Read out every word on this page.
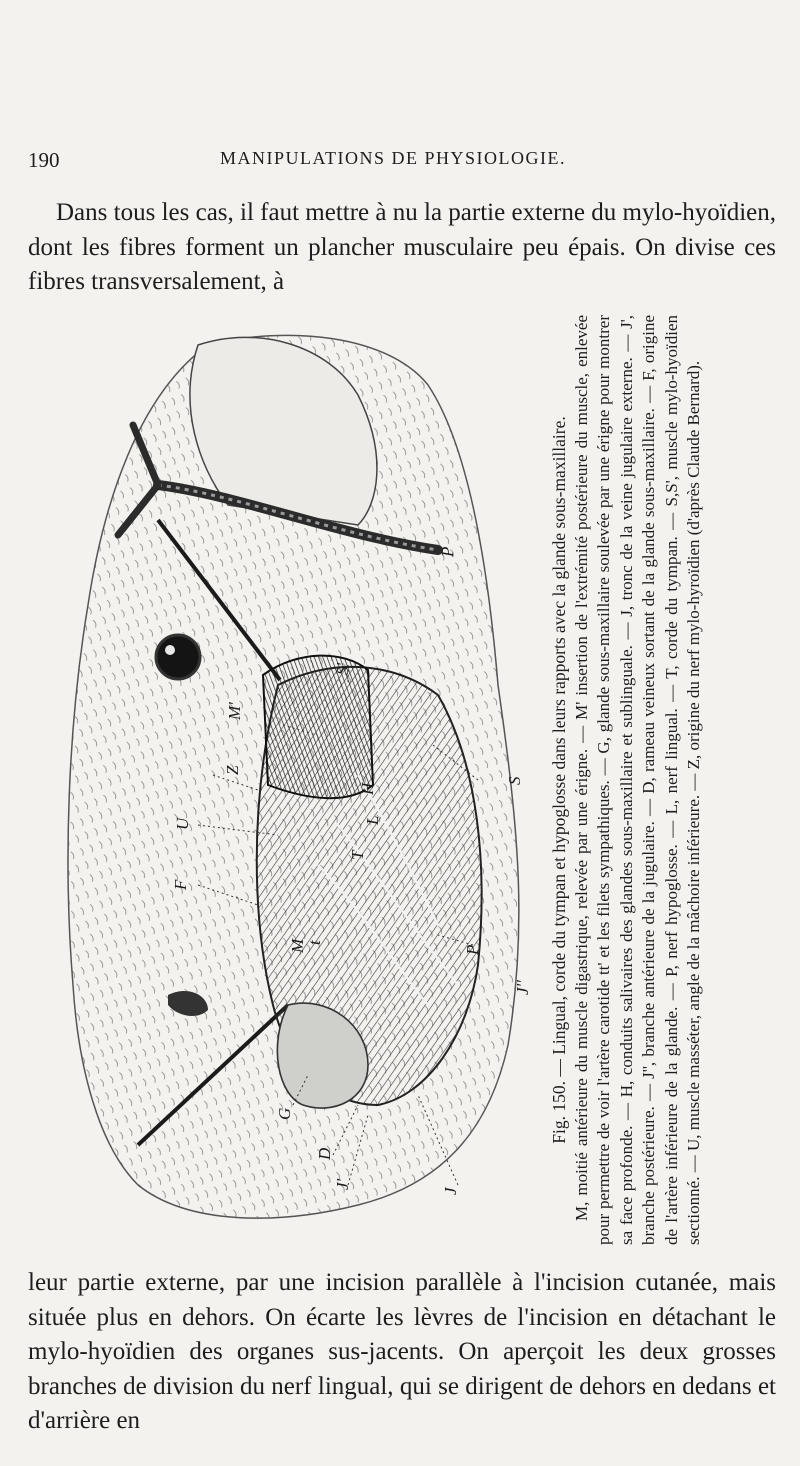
190	MANIPULATIONS DE PHYSIOLOGIE.

Dans tous les cas, il faut mettre à nu la partie externe du mylo-hyoïdien, dont les fibres forment un plancher musculaire peu épais. On divise ces fibres transversalement, à

P
S'
M'
Z
U
F
S
H
T
L
M
t
P
J''
G
D
J'
J

Fig. 150. — Lingual, corde du tympan et hypoglosse dans leurs rapports avec la glande sous-maxillaire. M, moitié antérieure du muscle digastrique, relevée par une érigne. — M' insertion de l'extrémité postérieure du muscle, enlevée pour permettre de voir l'artère carotide tt' et les filets sympathiques. — G, glande sous-maxillaire soulevée par une érigne pour montrer sa face profonde. — H, conduits salivaires des glandes sous-maxillaire et sublinguale. — J, tronc de la veine jugulaire externe. — J', branche postérieure. — J'', branche antérieure de la jugulaire. — D, rameau veineux sortant de la glande sous-maxillaire. — F, origine de l'artère inférieure de la glande. — P, nerf hypoglosse. — L, nerf lingual. — T, corde du tympan. — S,S', muscle mylo-hyoïdien sectionné. — U, muscle masséter, angle de la mâchoire inférieure. — Z, origine du nerf mylo-hyroïdien (d'après Claude Bernard).

leur partie externe, par une incision parallèle à l'incision cutanée, mais située plus en dehors. On écarte les lèvres de l'incision en détachant le mylo-hyoïdien des organes sus-jacents. On aperçoit les deux grosses branches de division du nerf lingual, qui se dirigent de dehors en dedans et d'arrière en
